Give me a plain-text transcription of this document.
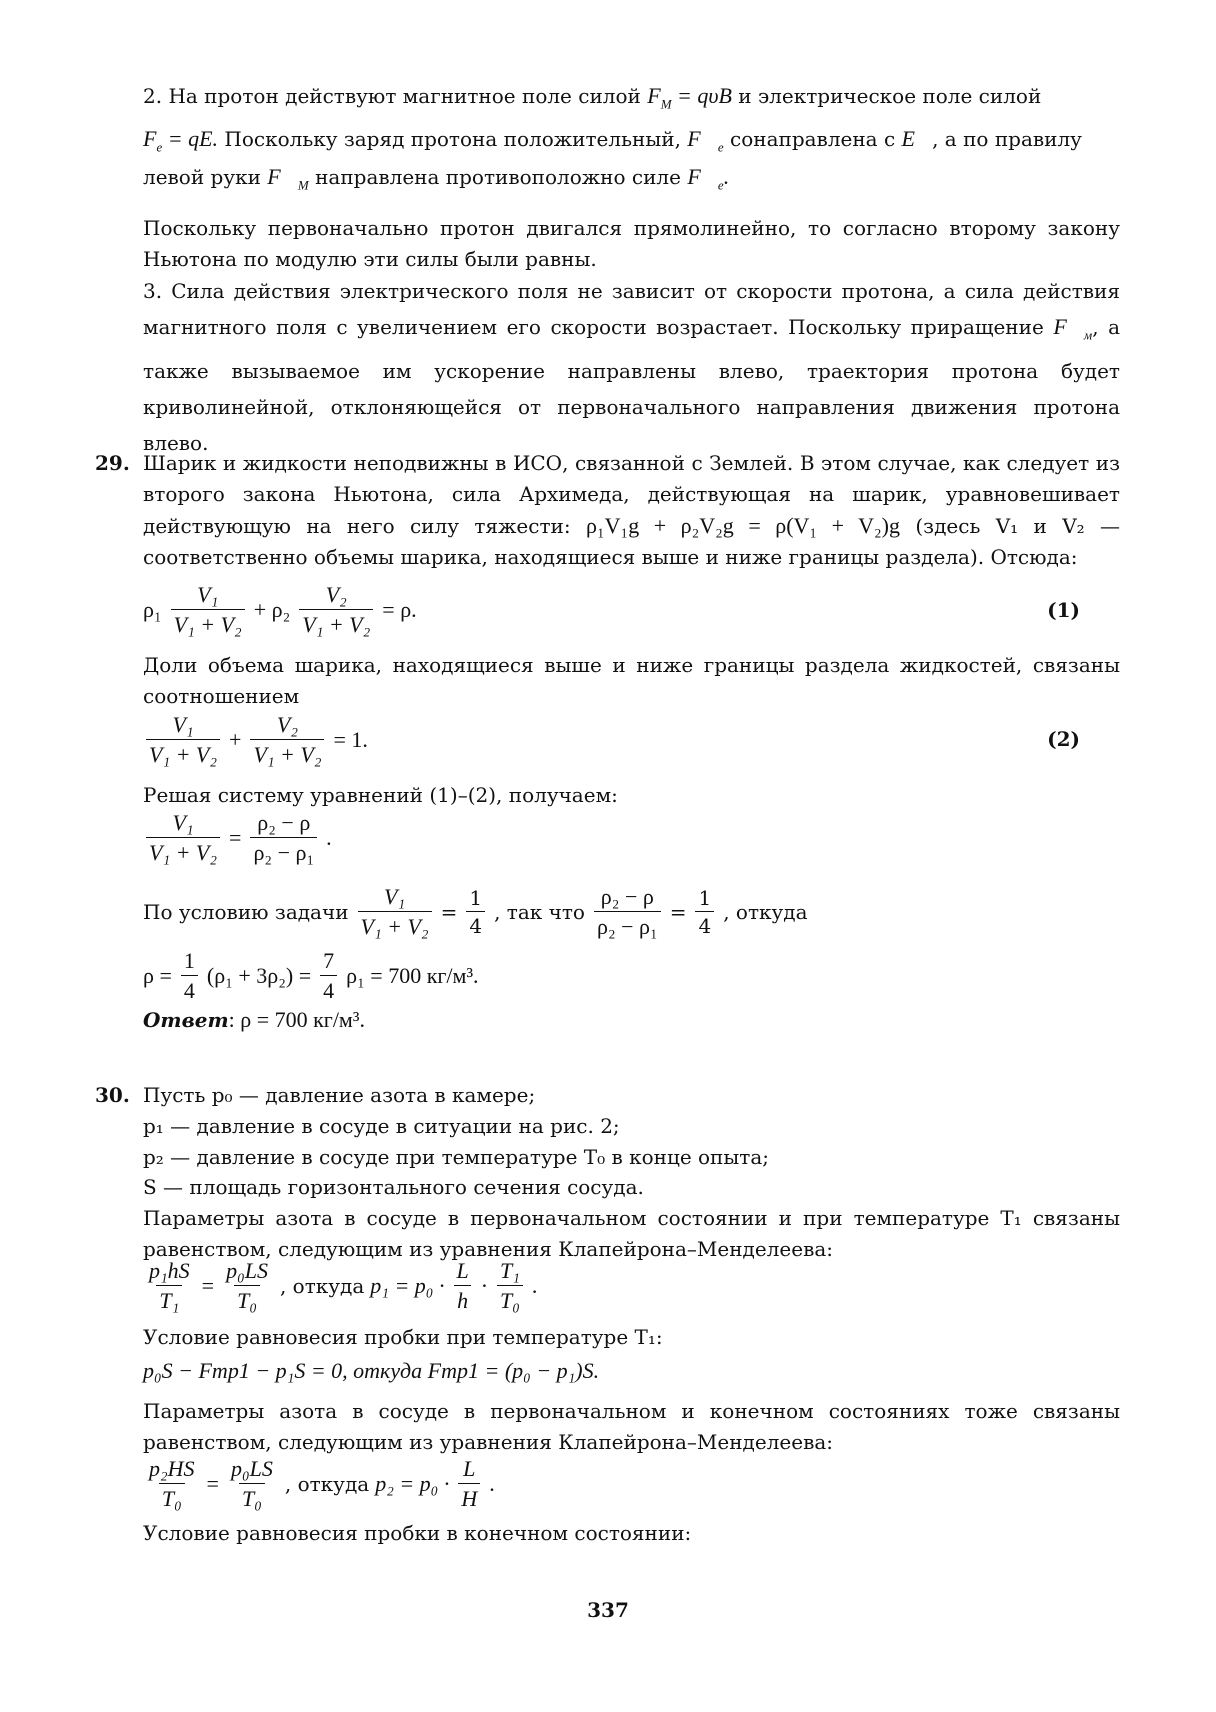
2. На протон действуют магнитное поле силой $F_М = q\upsilon B$ и электрическое поле силой
$F_e$ = qE. Поскольку заряд протона положительный, $F⃗_e$ сонаправлена с E, а по правилу
левой руки $F⃗_М$ направлена противоположно силе $F⃗_e$.
Поскольку первоначально протон двигался прямолинейно, то согласно второму закону Ньютона по модулю эти силы были равны.
3. Сила действия электрического поля не зависит от скорости протона, а сила действия магнитного поля с увеличением его скорости возрастает. Поскольку приращение $F⃗_м$, а также вызываемое им ускорение направлены влево, траектория протона будет криволинейной, отклоняющейся от первоначального направления движения протона влево.
29. Шарик и жидкости неподвижны в ИСО, связанной с Землей. В этом случае, как следует из второго закона Ньютона, сила Архимеда, действующая на шарик, уравновешивает действующую на него силу тяжести: ρ₁V₁g + ρ₂V₂g = ρ(V₁ + V₂)g (здесь V₁ и V₂ — соответственно объемы шарика, находящиеся выше и ниже границы раздела). Отсюда:
$\rho_1 \frac{\text{V₁}}{\text{V₁ + V₂}} + \rho_2 \frac{\text{V₂}}{\text{V₁ + V₂}} = \rho$.	(1)
Доли объема шарика, находящиеся выше и ниже границы раздела жидкостей, связаны соотношением
$\frac{\text{V₁}}{\text{V₁ + V₂}} + \frac{\text{V₂}}{\text{V₁ + V₂}} = 1$.	(2)
Решая систему уравнений (1)–(2), получаем:
$\frac{\text{V₁}}{\text{V₁ + V₂}} = \frac{\text{ρ₂ − ρ}}{\text{ρ₂ − ρ₁}}$ .
По условию задачи $\frac{\text{V₁}}{\text{V₁ + V₂}} = \frac{1}{4}$ , так что $\frac{\text{ρ₂ − ρ}}{\text{ρ₂ − ρ₁}} = \frac{1}{4}$ , откуда
$\rho = \frac{1}{4} (\rho_1 + 3\rho_2) = \frac{7}{4} \rho_1 = 700$ кг/м³.
Ответ: ρ = 700 кг/м³.
30. Пусть p₀ — давление азота в камере;
p₁ — давление в сосуде в ситуации на рис. 2;
p₂ — давление в сосуде при температуре T₀ в конце опыта;
S — площадь горизонтального сечения сосуда.
Параметры азота в сосуде в первоначальном состоянии и при температуре T₁ связаны равенством, следующим из уравнения Клапейрона–Менделеева:
$\frac{\text{p₁hS}}{\text{T₁}} = \frac{\text{p₀LS}}{\text{T₀}}$ , откуда $p_1 = p_0 \cdot \frac{L}{h} \cdot \frac{\text{T₁}}{\text{T₀}}$ .
Условие равновесия пробки при температуре T₁:
p₀S − Fтр1 − p₁S = 0, откуда Fтр1 = (p₀ − p₁)S.
Параметры азота в сосуде в первоначальном и конечном состояниях тоже связаны равенством, следующим из уравнения Клапейрона–Менделеева:
$\frac{\text{p₂HS}}{\text{T₀}} = \frac{\text{p₀LS}}{\text{T₀}}$ , откуда $p_2 = p_0 \cdot \frac{L}{H}$ .
Условие равновесия пробки в конечном состоянии:
337
